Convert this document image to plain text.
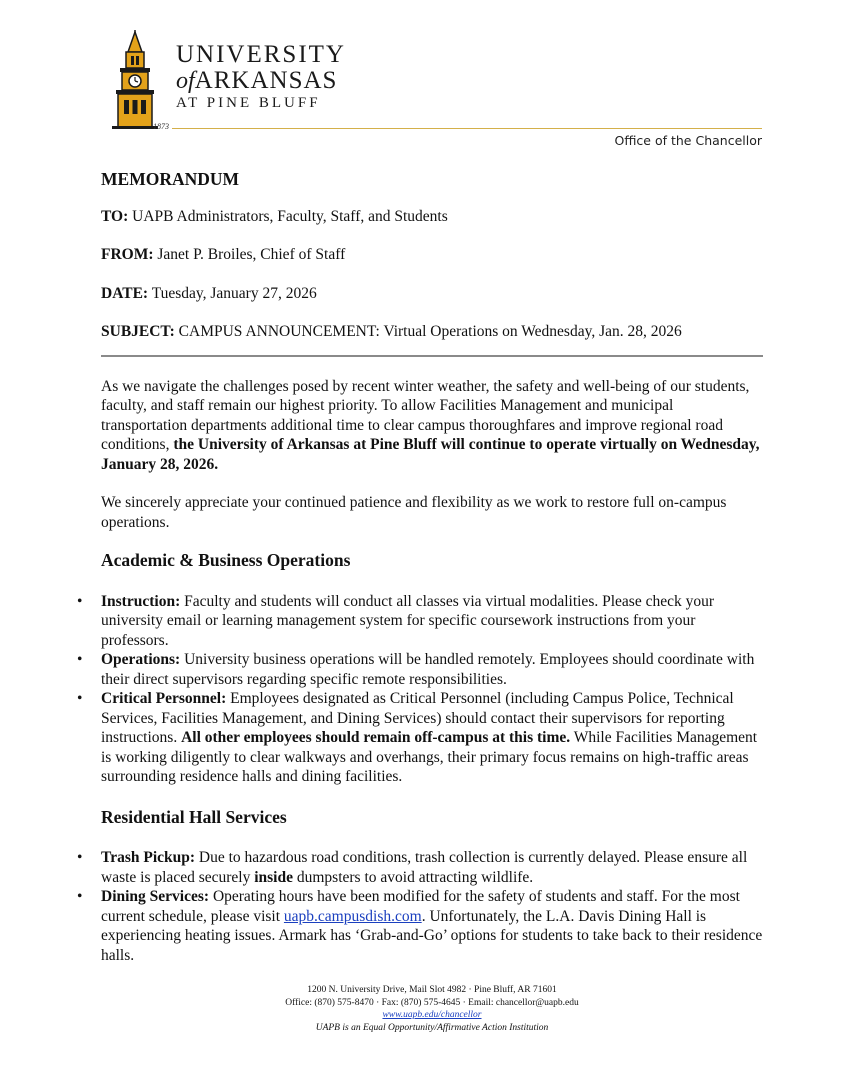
UNIVERSITY
ofARKANSAS
AT PINE BLUFF
1873
Office of the Chancellor
MEMORANDUM
TO: UAPB Administrators, Faculty, Staff, and Students
FROM: Janet P. Broiles, Chief of Staff
DATE: Tuesday, January 27, 2026
SUBJECT: CAMPUS ANNOUNCEMENT: Virtual Operations on Wednesday, Jan. 28, 2026

As we navigate the challenges posed by recent winter weather, the safety and well-being of our students, faculty, and staff remain our highest priority. To allow Facilities Management and municipal transportation departments additional time to clear campus thoroughfares and improve regional road conditions, the University of Arkansas at Pine Bluff will continue to operate virtually on Wednesday, January 28, 2026.

We sincerely appreciate your continued patience and flexibility as we work to restore full on-campus operations.

Academic & Business Operations
• Instruction: Faculty and students will conduct all classes via virtual modalities. Please check your university email or learning management system for specific coursework instructions from your professors.
• Operations: University business operations will be handled remotely. Employees should coordinate with their direct supervisors regarding specific remote responsibilities.
• Critical Personnel: Employees designated as Critical Personnel (including Campus Police, Technical Services, Facilities Management, and Dining Services) should contact their supervisors for reporting instructions. All other employees should remain off-campus at this time. While Facilities Management is working diligently to clear walkways and overhangs, their primary focus remains on high-traffic areas surrounding residence halls and dining facilities.
Residential Hall Services
• Trash Pickup: Due to hazardous road conditions, trash collection is currently delayed. Please ensure all waste is placed securely inside dumpsters to avoid attracting wildlife.
• Dining Services: Operating hours have been modified for the safety of students and staff. For the most current schedule, please visit uapb.campusdish.com. Unfortunately, the L.A. Davis Dining Hall is experiencing heating issues. Armark has ‘Grab-and-Go’ options for students to take back to their residence halls.
1200 N. University Drive, Mail Slot 4982 · Pine Bluff, AR 71601
Office: (870) 575-8470 · Fax: (870) 575-4645 · Email: chancellor@uapb.edu
www.uapb.edu/chancellor
UAPB is an Equal Opportunity/Affirmative Action Institution
